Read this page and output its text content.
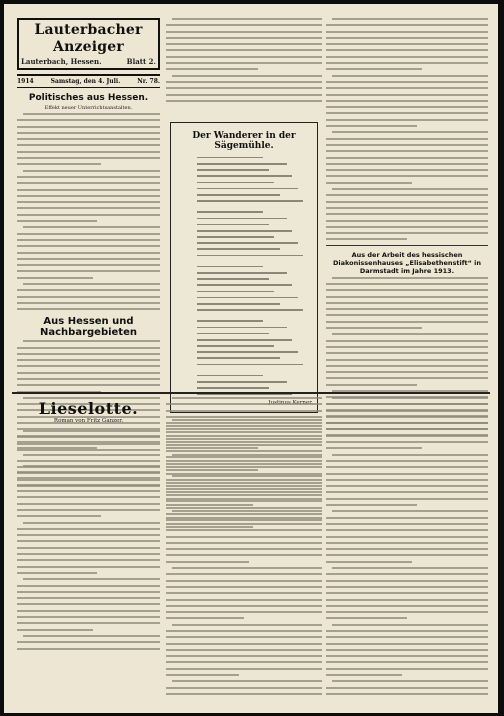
Lauterbacher Anzeiger
Lauterbach, Hessen.	Blatt 2.
1914	Samstag, den 4. Juli.	Nr. 78.
Politisches aus Hessen.
Effekt neuer Unterrichtsanstalten.
Aus Hessen und Nachbargebieten
Der Wanderer in der Sägemühle.
Aus der Arbeit des hessischen Diakonissenhauses „Elisabethenstift“ in Darmstadt im Jahre 1913.
Lieselotte.
Roman von Fritz Ganzer.
